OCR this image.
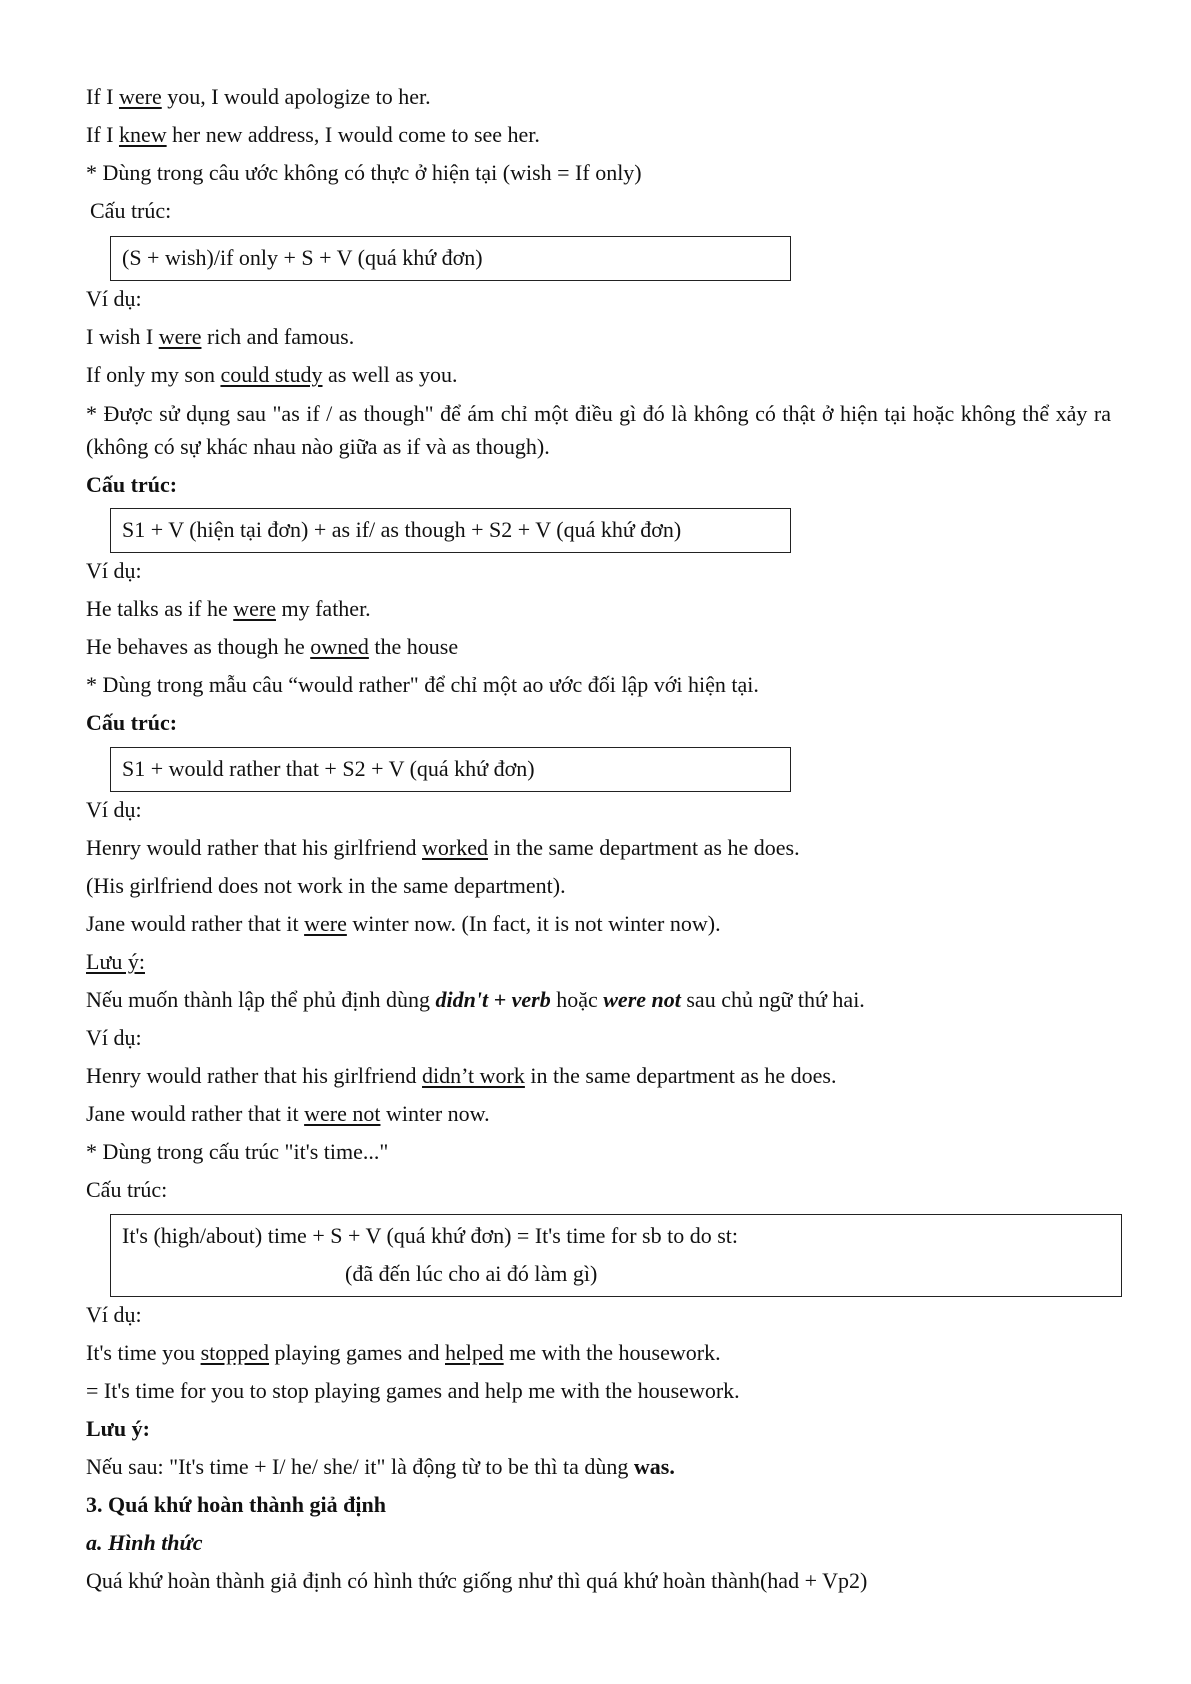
If I were you, I would apologize to her.

If I knew her new address, I would come to see her.

* Dùng trong câu ước không có thực ở hiện tại (wish = If only)

Cấu trúc:

(S + wish)/if only + S + V (quá khứ đơn)

Ví dụ:

I wish I were rich and famous.

If only my son could study as well as you.

* Được sử dụng sau "as if / as though" để ám chỉ một điều gì đó là không có thật ở hiện tại hoặc không thể xảy ra (không có sự khác nhau nào giữa as if và as though).

Cấu trúc:

S1 + V (hiện tại đơn) + as if/ as though + S2 + V (quá khứ đơn)

Ví dụ:

He talks as if he were my father.

He behaves as though he owned the house

* Dùng trong mẫu câu “would rather" để chỉ một ao ước đối lập với hiện tại.

Cấu trúc:

S1 + would rather that + S2 + V (quá khứ đơn)

Ví dụ:

Henry would rather that his girlfriend worked in the same department as he does.

(His girlfriend does not work in the same department).

Jane would rather that it were winter now. (In fact, it is not winter now).

Lưu ý:

Nếu muốn thành lập thể phủ định dùng didn't + verb hoặc were not sau chủ ngữ thứ hai.

Ví dụ:

Henry would rather that his girlfriend didn’t work in the same department as he does.

Jane would rather that it were not winter now.

* Dùng trong cấu trúc "it's time..."

Cấu trúc:

It's (high/about) time + S + V (quá khứ đơn) = It's time for sb to do st:
(đã đến lúc cho ai đó làm gì)

Ví dụ:

It's time you stopped playing games and helped me with the housework.

= It's time for you to stop playing games and help me with the housework.

Lưu ý:

Nếu sau: "It's time + I/ he/ she/ it" là động từ to be thì ta dùng was.

3. Quá khứ hoàn thành giả định

a. Hình thức

Quá khứ hoàn thành giả định có hình thức giống như thì quá khứ hoàn thành(had + Vp2)
